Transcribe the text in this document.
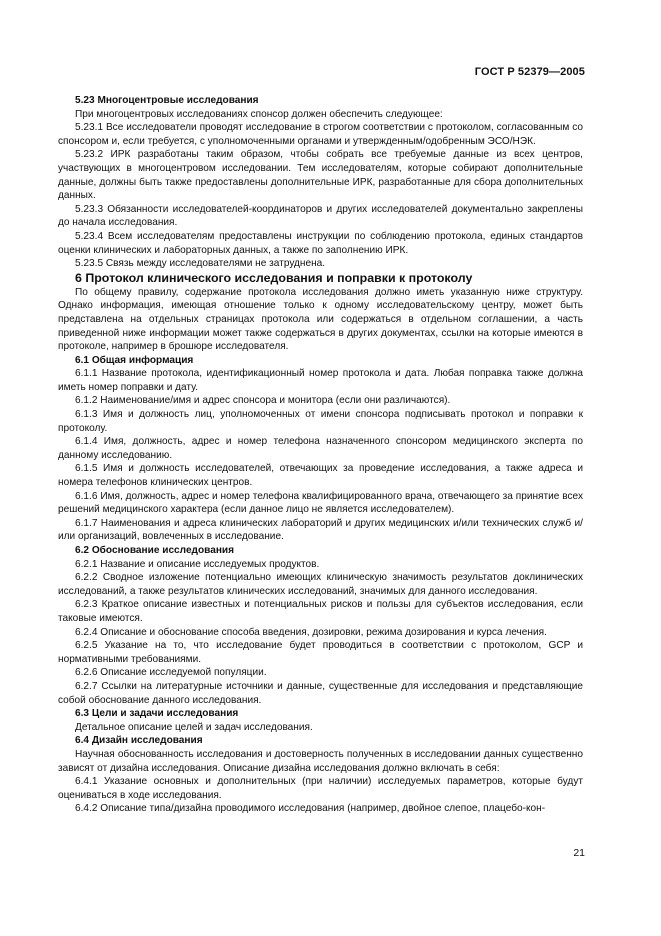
ГОСТ Р 52379—2005

5.23 Многоцентровые исследования

При многоцентровых исследованиях спонсор должен обеспечить следующее:

5.23.1 Все исследователи проводят исследование в строгом соответствии с протоколом, согласованным со спонсором и, если требуется, с уполномоченными органами и утвержденным/одобренным ЭСО/НЭК.

5.23.2 ИРК разработаны таким образом, чтобы собрать все требуемые данные из всех центров, участвующих в многоцентровом исследовании. Тем исследователям, которые собирают дополнительные данные, должны быть также предоставлены дополнительные ИРК, разработанные для сбора дополнительных данных.

5.23.3 Обязанности исследователей-координаторов и других исследователей документально закреплены до начала исследования.

5.23.4 Всем исследователям предоставлены инструкции по соблюдению протокола, единых стандартов оценки клинических и лабораторных данных, а также по заполнению ИРК.

5.23.5 Связь между исследователями не затруднена.

6 Протокол клинического исследования и поправки к протоколу

По общему правилу, содержание протокола исследования должно иметь указанную ниже структуру. Однако информация, имеющая отношение только к одному исследовательскому центру, может быть представлена на отдельных страницах протокола или содержаться в отдельном соглашении, а часть приведенной ниже информации может также содержаться в других документах, ссылки на которые имеются в протоколе, например в брошюре исследователя.

6.1 Общая информация

6.1.1 Название протокола, идентификационный номер протокола и дата. Любая поправка также должна иметь номер поправки и дату.

6.1.2 Наименование/имя и адрес спонсора и монитора (если они различаются).

6.1.3 Имя и должность лиц, уполномоченных от имени спонсора подписывать протокол и поправки к протоколу.

6.1.4 Имя, должность, адрес и номер телефона назначенного спонсором медицинского эксперта по данному исследованию.

6.1.5 Имя и должность исследователей, отвечающих за проведение исследования, а также адреса и номера телефонов клинических центров.

6.1.6 Имя, должность, адрес и номер телефона квалифицированного врача, отвечающего за принятие всех решений медицинского характера (если данное лицо не является исследователем).

6.1.7 Наименования и адреса клинических лабораторий и других медицинских и/или технических служб и/или организаций, вовлеченных в исследование.

6.2 Обоснование исследования

6.2.1 Название и описание исследуемых продуктов.

6.2.2 Сводное изложение потенциально имеющих клиническую значимость результатов доклинических исследований, а также результатов клинических исследований, значимых для данного исследования.

6.2.3 Краткое описание известных и потенциальных рисков и пользы для субъектов исследования, если таковые имеются.

6.2.4 Описание и обоснование способа введения, дозировки, режима дозирования и курса лечения.

6.2.5 Указание на то, что исследование будет проводиться в соответствии с протоколом, GCP и нормативными требованиями.

6.2.6 Описание исследуемой популяции.

6.2.7 Ссылки на литературные источники и данные, существенные для исследования и представляющие собой обоснование данного исследования.

6.3 Цели и задачи исследования

Детальное описание целей и задач исследования.

6.4 Дизайн исследования

Научная обоснованность исследования и достоверность полученных в исследовании данных существенно зависят от дизайна исследования. Описание дизайна исследования должно включать в себя:

6.4.1 Указание основных и дополнительных (при наличии) исследуемых параметров, которые будут оцениваться в ходе исследования.

6.4.2 Описание типа/дизайна проводимого исследования (например, двойное слепое, плацебо-кон-

21
